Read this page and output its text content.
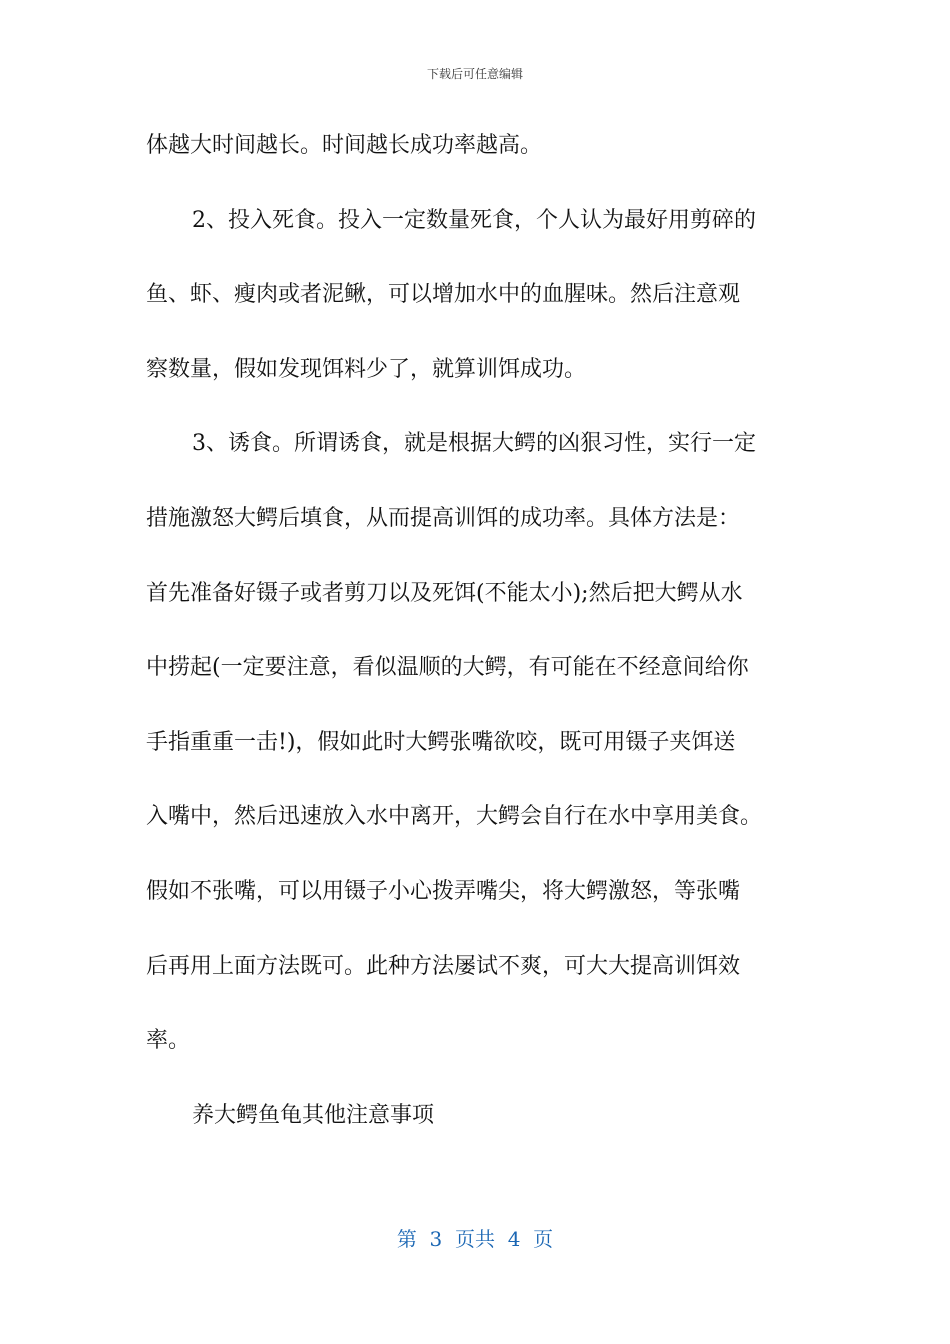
下载后可任意编辑
体越大时间越长。时间越长成功率越高。
2、投入死食。投入一定数量死食，个人认为最好用剪碎的
鱼、虾、瘦肉或者泥鳅，可以增加水中的血腥味。然后注意观
察数量，假如发现饵料少了，就算训饵成功。
3、诱食。所谓诱食，就是根据大鳄的凶狠习性，实行一定
措施激怒大鳄后填食，从而提高训饵的成功率。具体方法是：
首先准备好镊子或者剪刀以及死饵(不能太小);然后把大鳄从水
中捞起(一定要注意，看似温顺的大鳄，有可能在不经意间给你
手指重重一击!)，假如此时大鳄张嘴欲咬，既可用镊子夹饵送
入嘴中，然后迅速放入水中离开，大鳄会自行在水中享用美食。
假如不张嘴，可以用镊子小心拨弄嘴尖，将大鳄激怒，等张嘴
后再用上面方法既可。此种方法屡试不爽，可大大提高训饵效
率。
养大鳄鱼龟其他注意事项
第  3  页共  4  页
